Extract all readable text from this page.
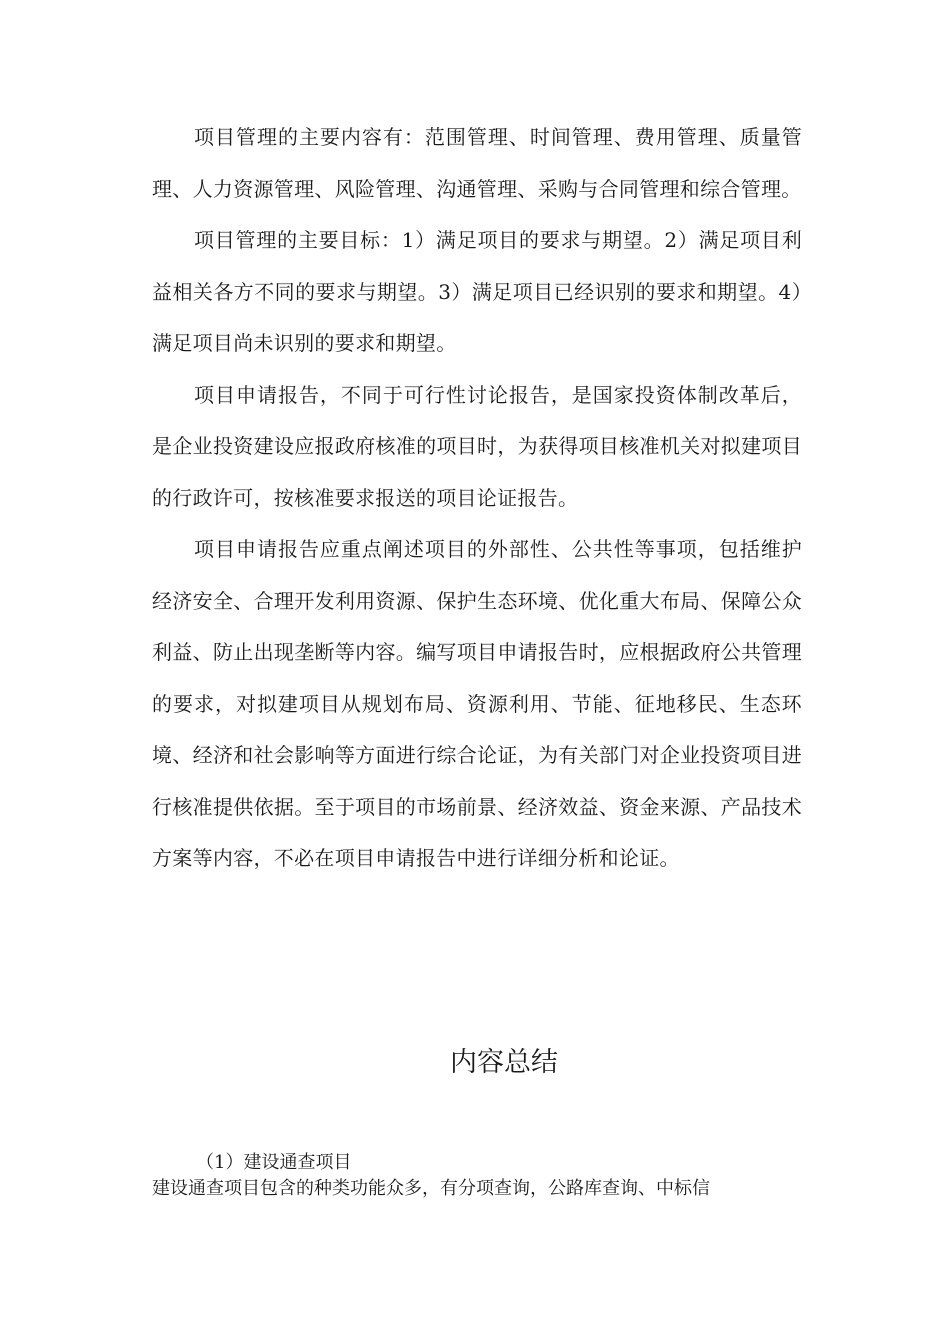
项目管理的主要内容有：范围管理、时间管理、费用管理、质量管理、人力资源管理、风险管理、沟通管理、采购与合同管理和综合管理。

项目管理的主要目标：1）满足项目的要求与期望。2）满足项目利益相关各方不同的要求与期望。3）满足项目已经识别的要求和期望。4）满足项目尚未识别的要求和期望。

项目申请报告，不同于可行性讨论报告，是国家投资体制改革后，是企业投资建设应报政府核准的项目时，为获得项目核准机关对拟建项目的行政许可，按核准要求报送的项目论证报告。

项目申请报告应重点阐述项目的外部性、公共性等事项，包括维护经济安全、合理开发利用资源、保护生态环境、优化重大布局、保障公众利益、防止出现垄断等内容。编写项目申请报告时，应根据政府公共管理的要求，对拟建项目从规划布局、资源利用、节能、征地移民、生态环境、经济和社会影响等方面进行综合论证，为有关部门对企业投资项目进行核准提供依据。至于项目的市场前景、经济效益、资金来源、产品技术方案等内容，不必在项目申请报告中进行详细分析和论证。

内容总结

（1）建设通查项目

建设通查项目包含的种类功能众多，有分项查询，公路库查询、中标信
